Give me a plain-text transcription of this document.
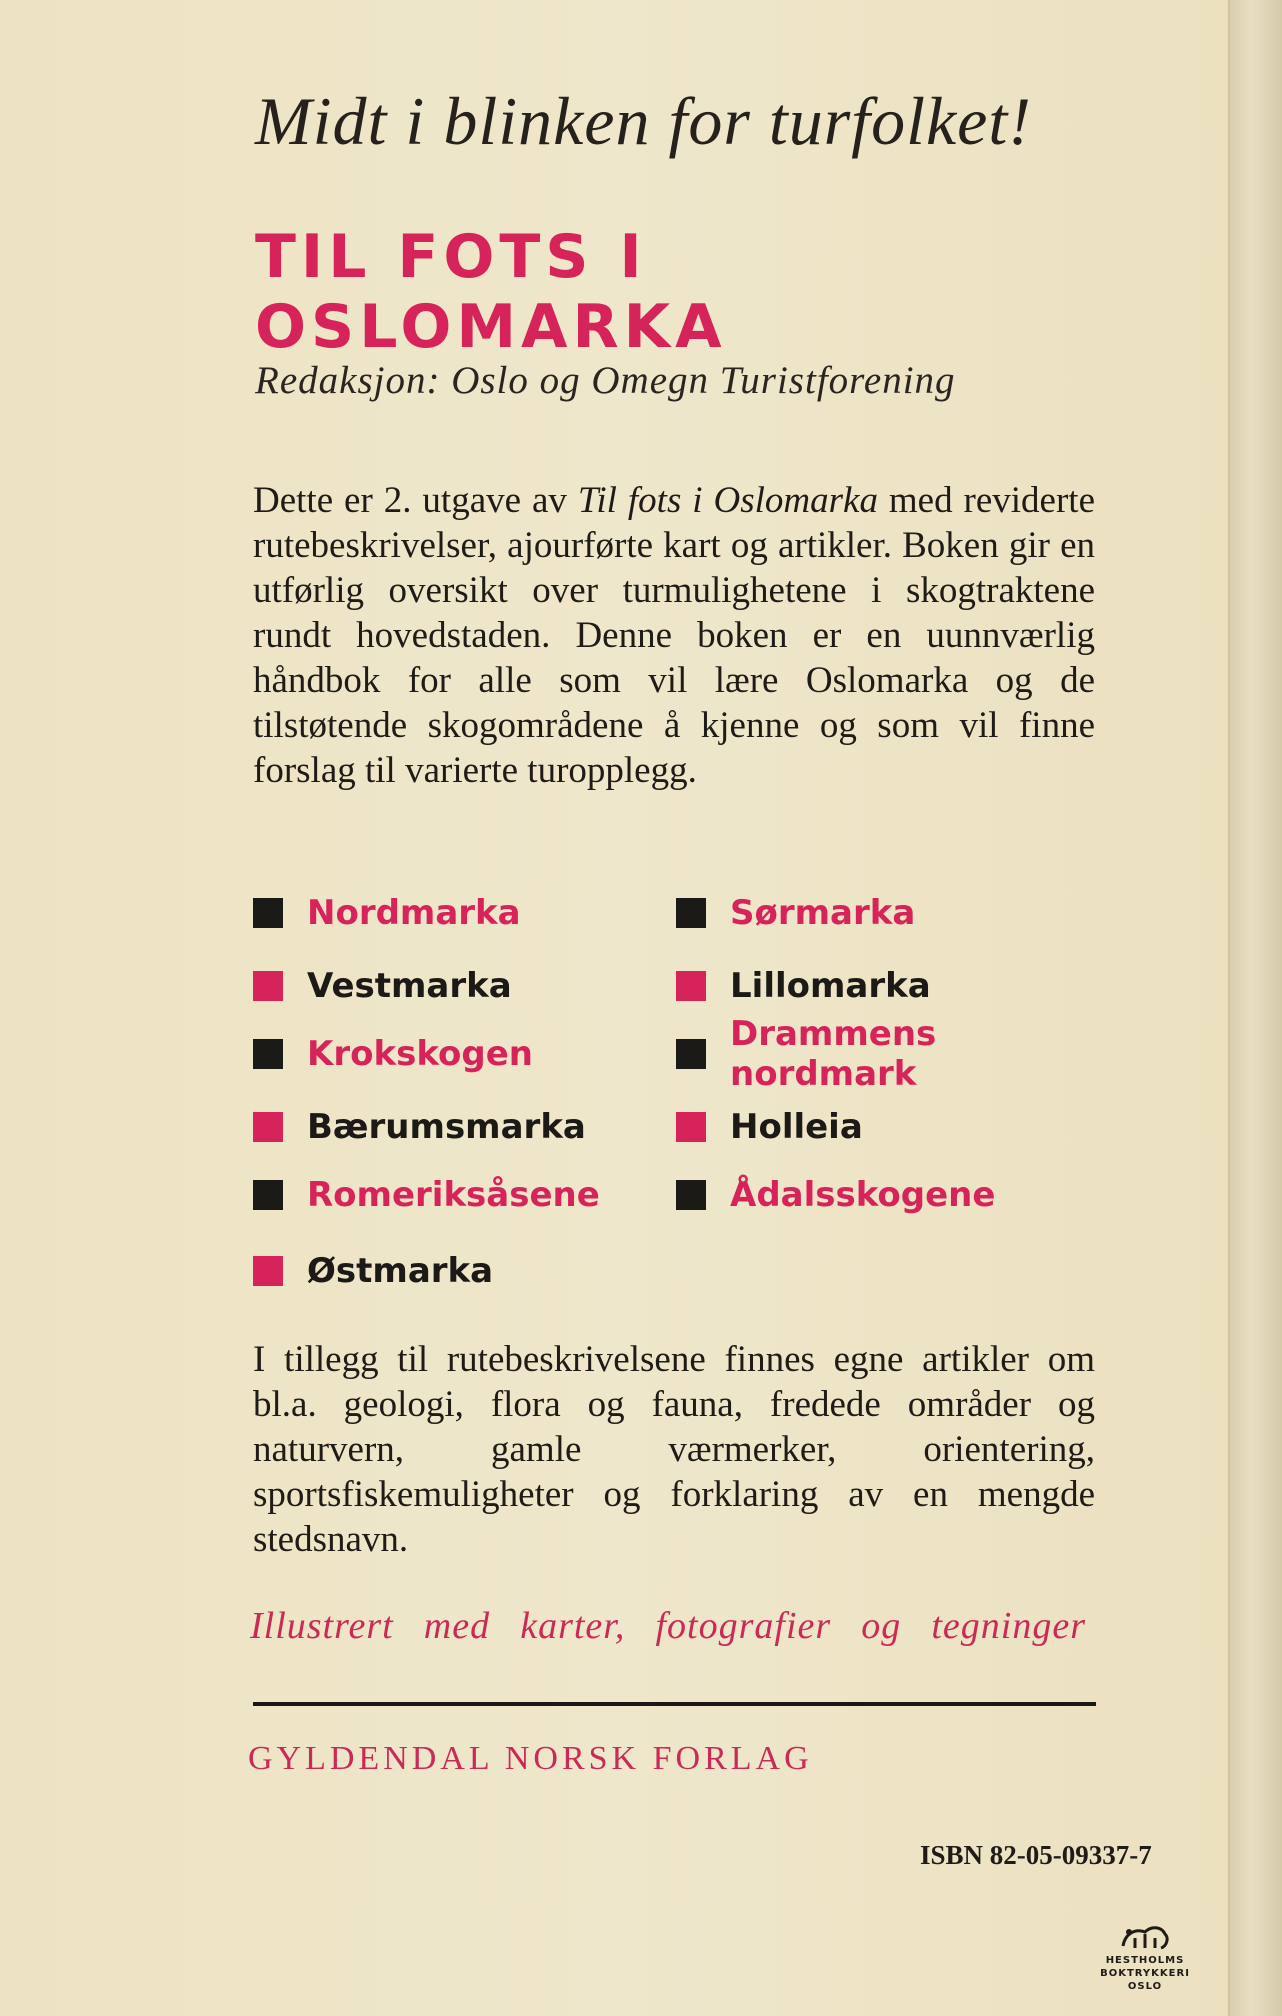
Midt i blinken for turfolket!
TIL FOTS I OSLOMARKA
Redaksjon: Oslo og Omegn Turistforening
Dette er 2. utgave av Til fots i Oslomarka med reviderte rutebeskrivelser, ajourførte kart og artikler. Boken gir en utførlig oversikt over turmulighetene i skogtraktene rundt hovedstaden. Denne boken er en uunnværlig håndbok for alle som vil lære Oslomarka og de tilstøtende skogområdene å kjenne og som vil finne forslag til varierte turopplegg.
Nordmarka	Sørmarka
Vestmarka	Lillomarka
Krokskogen	Drammens nordmark
Bærumsmarka	Holleia
Romeriksåsene	Ådalsskogene
Østmarka
I tillegg til rutebeskrivelsene finnes egne artikler om bl.a. geologi, flora og fauna, fredede områder og naturvern, gamle værmerker, orientering, sportsfiskemuligheter og forklaring av en mengde stedsnavn.
Illustrert med karter, fotografier og tegninger
GYLDENDAL NORSK FORLAG
ISBN 82-05-09337-7
HESTHOLMS
BOKTRYKKERI
OSLO
